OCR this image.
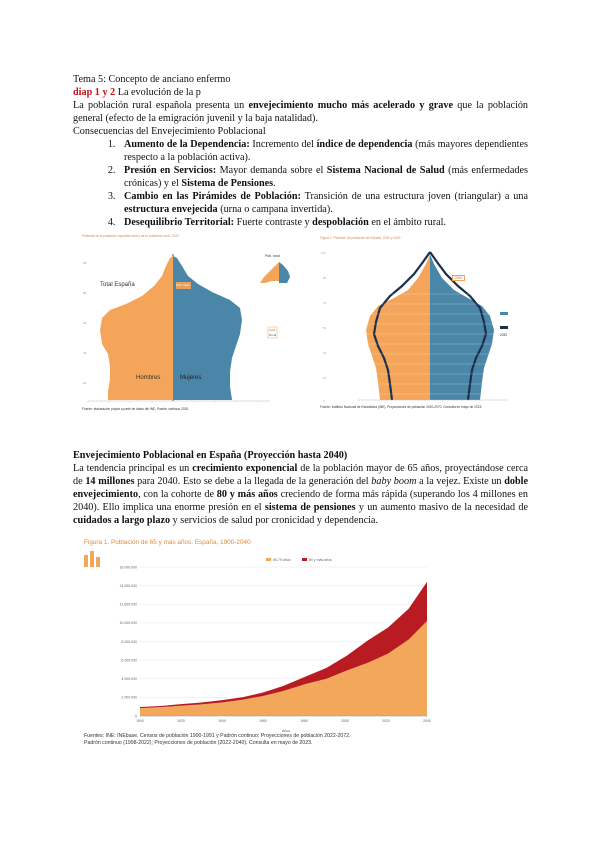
Tema 5: Concepto de anciano enfermo

diap 1 y 2 La evolución de la p

La población rural española presenta un envejecimiento mucho más acelerado y grave que la población general (efecto de la emigración juvenil y la baja natalidad).

Consecuencias del Envejecimiento Poblacional

1. Aumento de la Dependencia: Incremento del índice de dependencia (más mayores dependientes respecto a la población activa).
2. Presión en Servicios: Mayor demanda sobre el Sistema Nacional de Salud (más enfermedades crónicas) y el Sistema de Pensiones.
3. Cambio en las Pirámides de Población: Transición de una estructura joven (triangular) a una estructura envejecida (urna o campana invertida).
4. Desequilibrio Territorial: Fuerte contraste y despoblación en el ámbito rural.
Pirámide de la población española total y de la población rural, 2020
95
80
60
40
20
Total España
Pob. rural
Pob. rural
Total
Rural
Hombres	Mujeres
Fuente: elaboración propia a partir de datos del INE, Padrón continuo 2020.
Figura 2. Pirámide de población de España, 2020 y 2040
100
85
70
50
35
20
0
2020
2040
Fuente: Instituto Nacional de Estadística (INE). Proyecciones de población 2020-2070. Consulta en mayo de 2023.

Envejecimiento Poblacional en España (Proyección hasta 2040)

La tendencia principal es un crecimiento exponencial de la población mayor de 65 años, proyectándose cerca de 14 millones para 2040. Esto se debe a la llegada de la generación del baby boom a la vejez. Existe un doble envejecimiento, con la cohorte de 80 y más años creciendo de forma más rápida (superando los 4 millones en 2040). Ello implica una enorme presión en el sistema de pensiones y un aumento masivo de la necesidad de cuidados a largo plazo y servicios de salud por cronicidad y dependencia.

Figura 1. Población de 65 y más años. España, 1900-2040
0
2.000.000
4.000.000
6.000.000
8.000.000
10.000.000
12.000.000
14.000.000
16.000.000
1900	1920	1940	1960	1980	2000	2020	2040
65-79 años	80 y más años
Años
Fuentes: INE: INEbase. Censos de población 1900-1991 y Padrón continuo; Proyecciones de población 2022-2072.
Padrón continuo (1998-2022); Proyecciones de población (2022-2040). Consulta en mayo de 2023.
